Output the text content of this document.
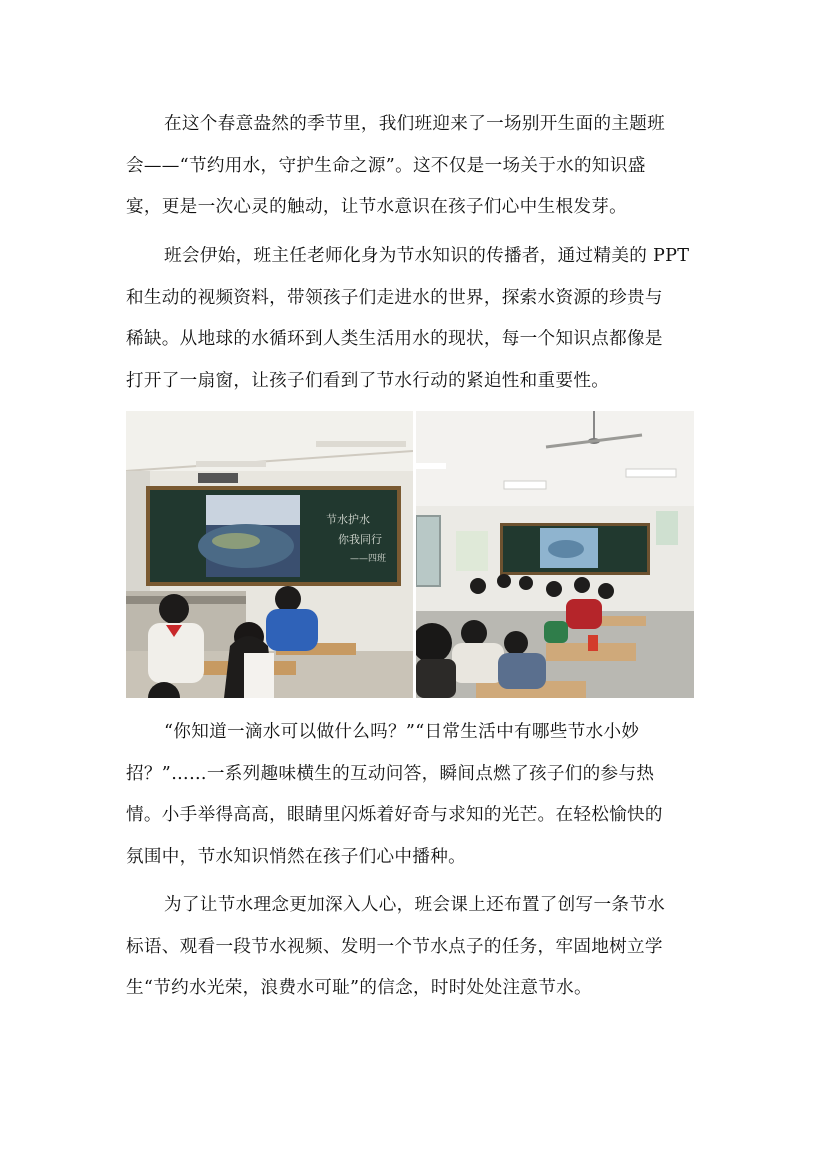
在这个春意盎然的季节里，我们班迎来了一场别开生面的主题班
会——“节约用水，守护生命之源”。这不仅是一场关于水的知识盛
宴，更是一次心灵的触动，让节水意识在孩子们心中生根发芽。
班会伊始，班主任老师化身为节水知识的传播者，通过精美的 PPT
和生动的视频资料，带领孩子们走进水的世界，探索水资源的珍贵与
稀缺。从地球的水循环到人类生活用水的现状，每一个知识点都像是
打开了一扇窗，让孩子们看到了节水行动的紧迫性和重要性。
节水护水
你我同行
——四班
“你知道一滴水可以做什么吗？”“日常生活中有哪些节水小妙
招？”……一系列趣味横生的互动问答，瞬间点燃了孩子们的参与热
情。小手举得高高，眼睛里闪烁着好奇与求知的光芒。在轻松愉快的
氛围中，节水知识悄然在孩子们心中播种。
为了让节水理念更加深入人心，班会课上还布置了创写一条节水
标语、观看一段节水视频、发明一个节水点子的任务，牢固地树立学
生“节约水光荣，浪费水可耻”的信念，时时处处注意节水。
